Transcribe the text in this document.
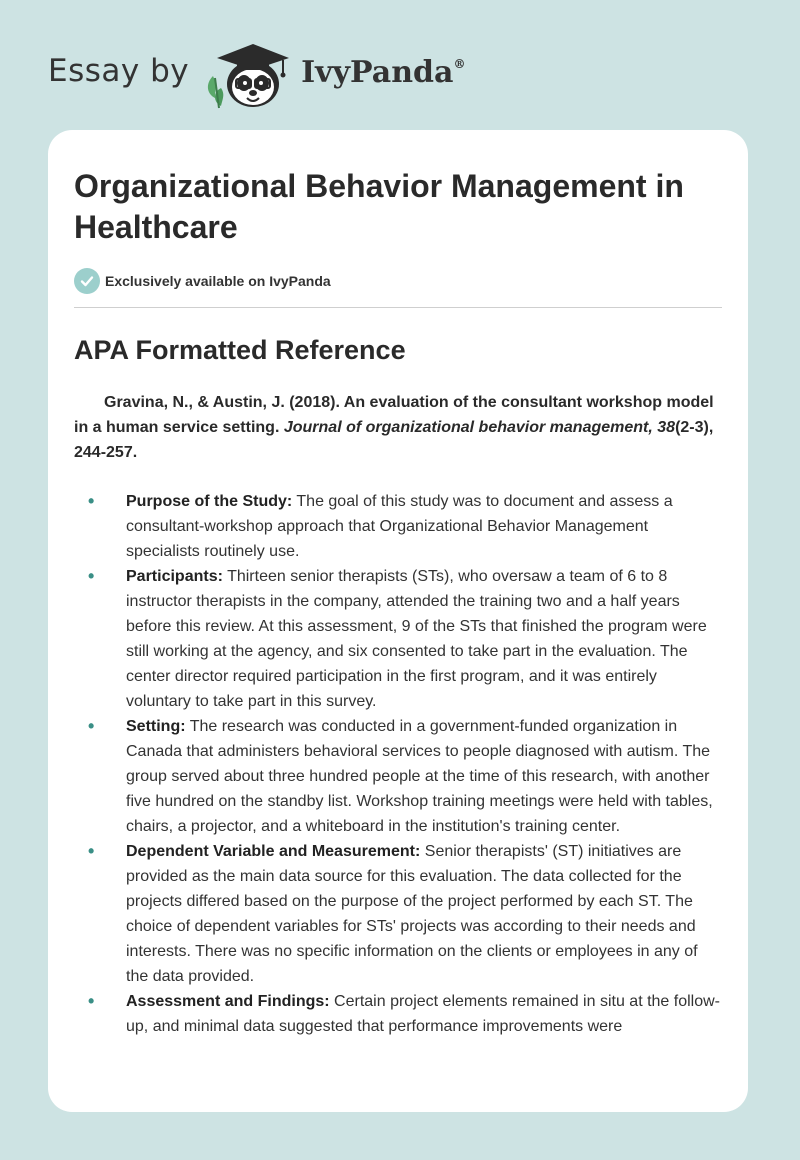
Essay by	IvyPanda®
Organizational Behavior Management in Healthcare
Exclusively available on IvyPanda
APA Formatted Reference

Gravina, N., & Austin, J. (2018). An evaluation of the consultant workshop model in a human service setting. Journal of organizational behavior management, 38(2-3), 244-257.

• Purpose of the Study: The goal of this study was to document and assess a consultant-workshop approach that Organizational Behavior Management specialists routinely use.
• Participants: Thirteen senior therapists (STs), who oversaw a team of 6 to 8 instructor therapists in the company, attended the training two and a half years before this review. At this assessment, 9 of the STs that finished the program were still working at the agency, and six consented to take part in the evaluation. The center director required participation in the first program, and it was entirely voluntary to take part in this survey.
• Setting: The research was conducted in a government-funded organization in Canada that administers behavioral services to people diagnosed with autism. The group served about three hundred people at the time of this research, with another five hundred on the standby list. Workshop training meetings were held with tables, chairs, a projector, and a whiteboard in the institution's training center.
• Dependent Variable and Measurement: Senior therapists' (ST) initiatives are provided as the main data source for this evaluation. The data collected for the projects differed based on the purpose of the project performed by each ST. The choice of dependent variables for STs' projects was according to their needs and interests. There was no specific information on the clients or employees in any of the data provided.
• Assessment and Findings: Certain project elements remained in situ at the follow-up, and minimal data suggested that performance improvements were
